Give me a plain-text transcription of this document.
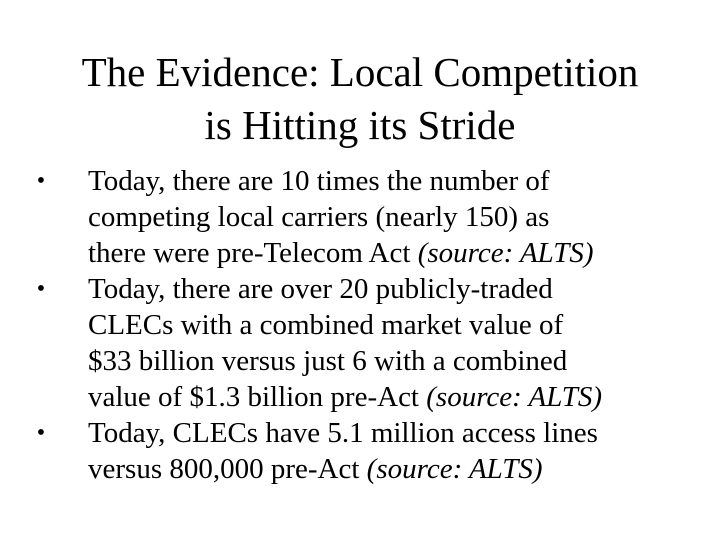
The Evidence: Local Competition
is Hitting its Stride
• Today, there are 10 times the number of
competing local carriers (nearly 150) as
there were pre-Telecom Act (source: ALTS)
• Today, there are over 20 publicly-traded
CLECs with a combined market value of
$33 billion versus just 6 with a combined
value of $1.3 billion pre-Act (source: ALTS)
• Today, CLECs have 5.1 million access lines
versus 800,000 pre-Act (source: ALTS)
